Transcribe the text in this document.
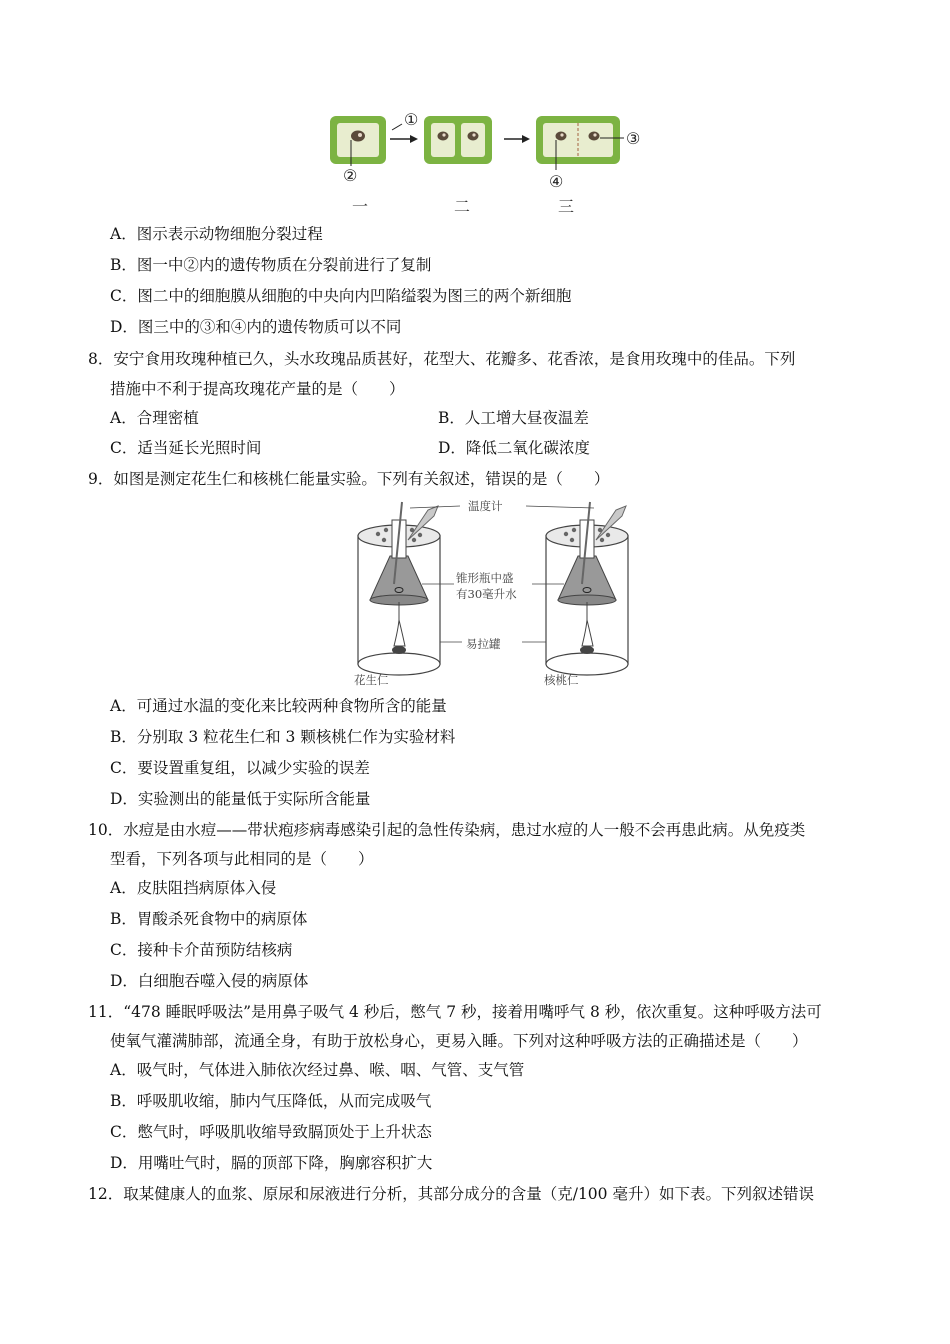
①
②
③
④
一	二	三
A．图示表示动物细胞分裂过程
B．图一中②内的遗传物质在分裂前进行了复制
C．图二中的细胞膜从细胞的中央向内凹陷缢裂为图三的两个新细胞
D．图三中的③和④内的遗传物质可以不同
8．安宁食用玫瑰种植已久，头水玫瑰品质甚好，花型大、花瓣多、花香浓，是食用玫瑰中的佳品。下列
措施中不利于提高玫瑰花产量的是（　　）
A．合理密植	B．人工增大昼夜温差
C．适当延长光照时间	D．降低二氧化碳浓度
9．如图是测定花生仁和核桃仁能量实验。下列有关叙述，错误的是（　　）
温度计
锥形瓶中盛
有30毫升水
易拉罐
花生仁	核桃仁
A．可通过水温的变化来比较两种食物所含的能量
B．分别取 3 粒花生仁和 3 颗核桃仁作为实验材料
C．要设置重复组，以减少实验的误差
D．实验测出的能量低于实际所含能量
10．水痘是由水痘——带状疱疹病毒感染引起的急性传染病，患过水痘的人一般不会再患此病。从免疫类
型看，下列各项与此相同的是（　　）
A．皮肤阻挡病原体入侵
B．胃酸杀死食物中的病原体
C．接种卡介苗预防结核病
D．白细胞吞噬入侵的病原体
11．“478 睡眠呼吸法”是用鼻子吸气 4 秒后，憋气 7 秒，接着用嘴呼气 8 秒，依次重复。这种呼吸方法可
使氧气灌满肺部，流通全身，有助于放松身心，更易入睡。下列对这种呼吸方法的正确描述是（　　）
A．吸气时，气体进入肺依次经过鼻、喉、咽、气管、支气管
B．呼吸肌收缩，肺内气压降低，从而完成吸气
C．憋气时，呼吸肌收缩导致膈顶处于上升状态
D．用嘴吐气时，膈的顶部下降，胸廓容积扩大
12．取某健康人的血浆、原尿和尿液进行分析，其部分成分的含量（克/100 毫升）如下表。下列叙述错误
